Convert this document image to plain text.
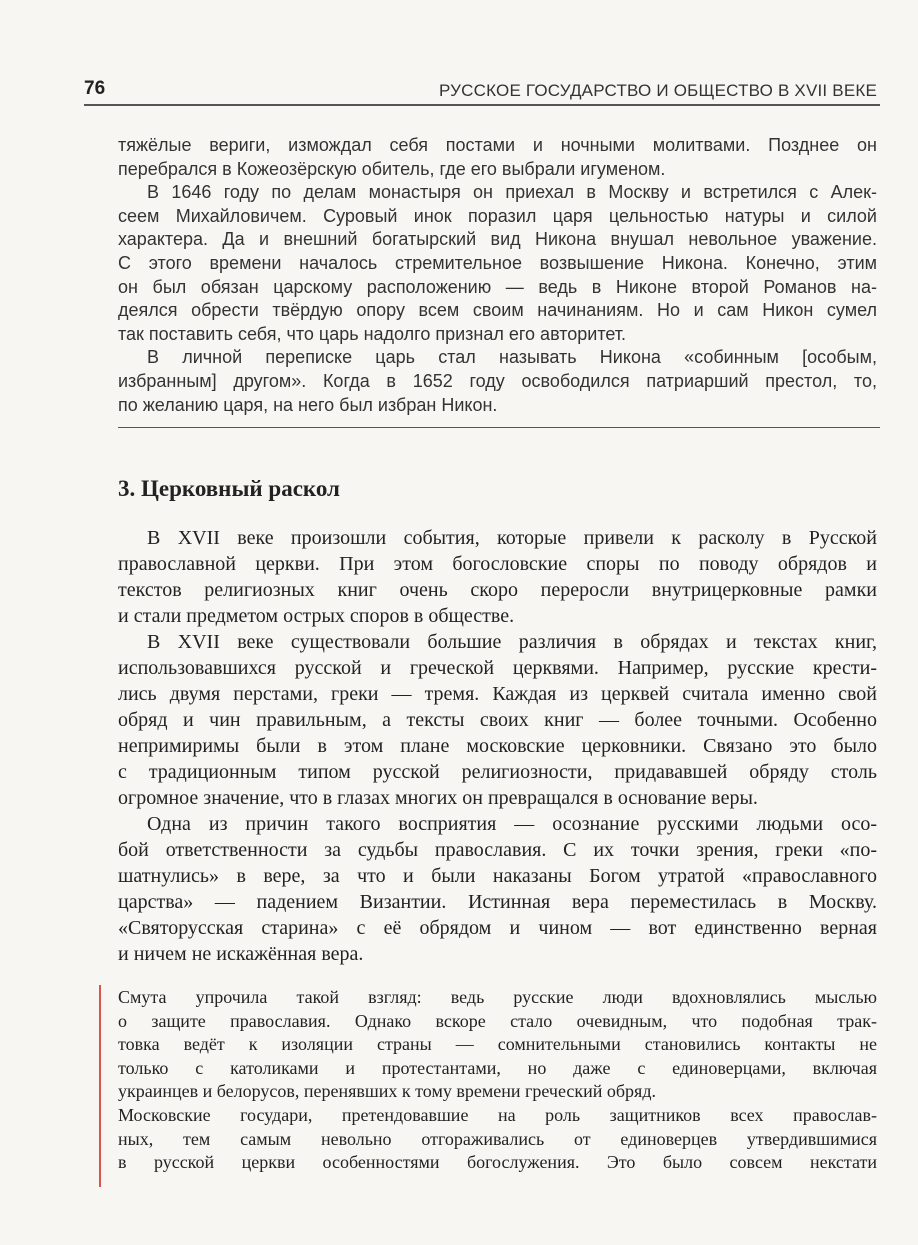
76	РУССКОЕ ГОСУДАРСТВО И ОБЩЕСТВО В XVII ВЕКЕ
тяжёлые вериги, измождал себя постами и ночными молитвами. Позднее он
перебрался в Кожеозёрскую обитель, где его выбрали игуменом.
В 1646 году по делам монастыря он приехал в Москву и встретился с Алек-
сеем Михайловичем. Суровый инок поразил царя цельностью натуры и силой
характера. Да и внешний богатырский вид Никона внушал невольное уважение.
С этого времени началось стремительное возвышение Никона. Конечно, этим
он был обязан царскому расположению — ведь в Никоне второй Романов на-
деялся обрести твёрдую опору всем своим начинаниям. Но и сам Никон сумел
так поставить себя, что царь надолго признал его авторитет.
В личной переписке царь стал называть Никона «собинным [особым,
избранным] другом». Когда в 1652 году освободился патриарший престол, то,
по желанию царя, на него был избран Никон.
3. Церковный раскол
В XVII веке произошли события, которые привели к расколу в Русской
православной церкви. При этом богословские споры по поводу обрядов и
текстов религиозных книг очень скоро переросли внутрицерковные рамки
и стали предметом острых споров в обществе.
В XVII веке существовали большие различия в обрядах и текстах книг,
использовавшихся русской и греческой церквями. Например, русские крести-
лись двумя перстами, греки — тремя. Каждая из церквей считала именно свой
обряд и чин правильным, а тексты своих книг — более точными. Особенно
непримиримы были в этом плане московские церковники. Связано это было
с традиционным типом русской религиозности, придававшей обряду столь
огромное значение, что в глазах многих он превращался в основание веры.
Одна из причин такого восприятия — осознание русскими людьми осо-
бой ответственности за судьбы православия. С их точки зрения, греки «по-
шатнулись» в вере, за что и были наказаны Богом утратой «православного
царства» — падением Византии. Истинная вера переместилась в Москву.
«Святорусская старина» с её обрядом и чином — вот единственно верная
и ничем не искажённая вера.
Смута упрочила такой взгляд: ведь русские люди вдохновлялись мыслью
о защите православия. Однако вскоре стало очевидным, что подобная трак-
товка ведёт к изоляции страны — сомнительными становились контакты не
только с католиками и протестантами, но даже с единоверцами, включая
украинцев и белорусов, перенявших к тому времени греческий обряд.
Московские государи, претендовавшие на роль защитников всех православ-
ных, тем самым невольно отгораживались от единоверцев утвердившимися
в русской церкви особенностями богослужения. Это было совсем некстати
